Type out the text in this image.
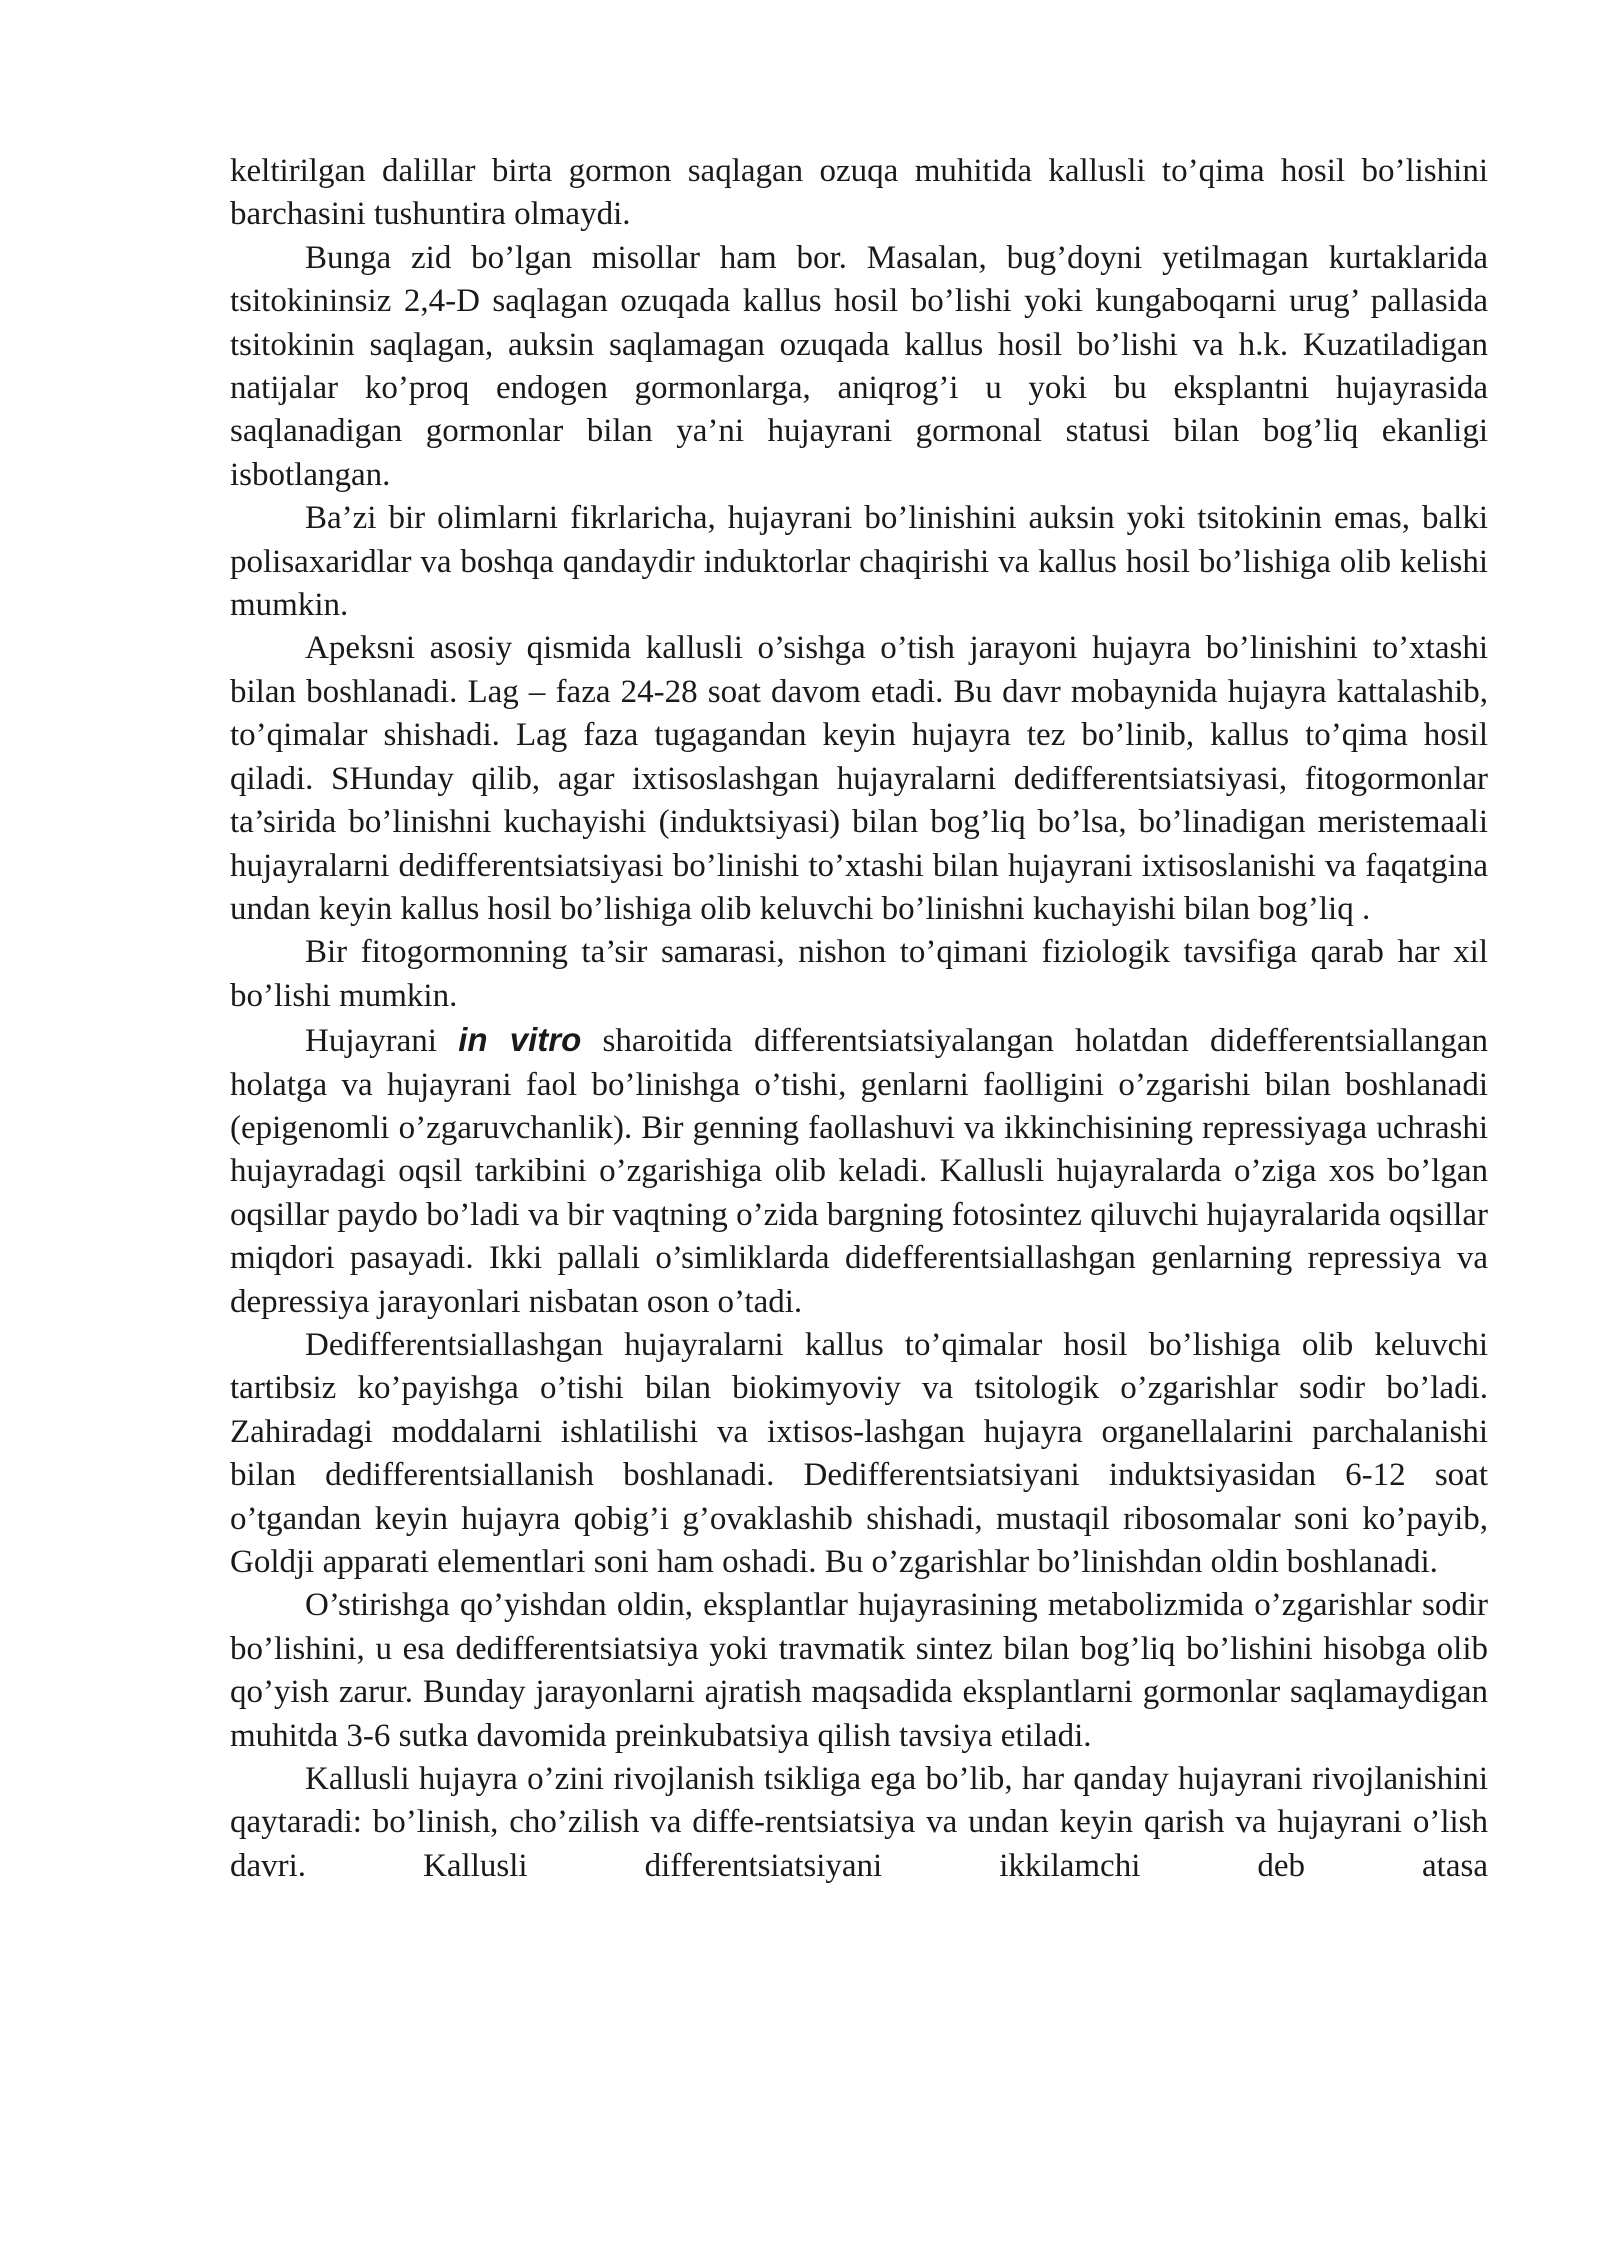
keltirilgan dalillar birta gormon saqlagan ozuqa muhitida kallusli to’qima hosil bo’lishini barchasini tushuntira olmaydi.

Bunga zid bo’lgan misollar ham bor. Masalan, bug’doyni yetilmagan kurtaklarida tsitokininsiz 2,4-D saqlagan ozuqada kallus hosil bo’lishi yoki kungaboqarni urug’ pallasida tsitokinin saqlagan, auksin saqlamagan ozuqada kallus hosil bo’lishi va h.k. Kuzatiladigan natijalar ko’proq endogen gormonlarga, aniqrog’i u yoki bu eksplantni hujayrasida saqlanadigan gormonlar bilan ya’ni hujayrani gormonal statusi bilan bog’liq ekanligi isbotlangan.

Ba’zi bir olimlarni fikrlaricha, hujayrani bo’linishini auksin yoki tsitokinin emas, balki polisaxaridlar va boshqa qandaydir induktorlar chaqirishi va kallus hosil bo’lishiga olib kelishi mumkin.

Apeksni asosiy qismida kallusli o’sishga o’tish jarayoni hujayra bo’linishini to’xtashi bilan boshlanadi. Lag – faza 24-28 soat davom etadi. Bu davr mobaynida hujayra kattalashib, to’qimalar shishadi. Lag faza tugagandan keyin hujayra tez bo’linib, kallus to’qima hosil qiladi. SHunday qilib, agar ixtisoslashgan hujayralarni dedifferentsiatsiyasi, fitogormonlar ta’sirida bo’linishni kuchayishi (induktsiyasi) bilan bog’liq bo’lsa, bo’linadigan meristemaali hujayralarni dedifferentsiatsiyasi bo’linishi to’xtashi bilan hujayrani ixtisoslanishi va faqatgina undan keyin kallus hosil bo’lishiga olib keluvchi bo’linishni kuchayishi bilan bog’liq .

Bir fitogormonning ta’sir samarasi, nishon to’qimani fiziologik tavsifiga qarab har xil bo’lishi mumkin.

Hujayrani in vitro sharoitida differentsiatsiyalangan holatdan didefferentsiallangan holatga va hujayrani faol bo’linishga o’tishi, genlarni faolligini o’zgarishi bilan boshlanadi (epigenomli o’zgaruvchanlik). Bir genning faollashuvi va ikkinchisining repressiyaga uchrashi hujayradagi oqsil tarkibini o’zgarishiga olib keladi. Kallusli hujayralarda o’ziga xos bo’lgan oqsillar paydo bo’ladi va bir vaqtning o’zida bargning fotosintez qiluvchi hujayralarida oqsillar miqdori pasayadi. Ikki pallali o’simliklarda didefferentsiallashgan genlarning repressiya va depressiya jarayonlari nisbatan oson o’tadi.

Dedifferentsiallashgan hujayralarni kallus to’qimalar hosil bo’lishiga olib keluvchi tartibsiz ko’payishga o’tishi bilan biokimyoviy va tsitologik o’zgarishlar sodir bo’ladi. Zahiradagi moddalarni ishlatilishi va ixtisos-lashgan hujayra organellalarini parchalanishi bilan dedifferentsiallanish boshlanadi. Dedifferentsiatsiyani induktsiyasidan 6-12 soat o’tgandan keyin hujayra qobig’i g’ovaklashib shishadi, mustaqil ribosomalar soni ko’payib, Goldji apparati elementlari soni ham oshadi. Bu o’zgarishlar bo’linishdan oldin boshlanadi.

O’stirishga qo’yishdan oldin, eksplantlar hujayrasining metabolizmida o’zgarishlar sodir bo’lishini, u esa dedifferentsiatsiya yoki travmatik sintez bilan bog’liq bo’lishini hisobga olib qo’yish zarur. Bunday jarayonlarni ajratish maqsadida eksplantlarni gormonlar saqlamaydigan muhitda 3-6 sutka davomida preinkubatsiya qilish tavsiya etiladi.

Kallusli hujayra o’zini rivojlanish tsikliga ega bo’lib, har qanday hujayrani rivojlanishini qaytaradi: bo’linish, cho’zilish va diffe-rentsiatsiya va undan keyin qarish va hujayrani o’lish davri. Kallusli differentsiatsiyani ikkilamchi deb atasa
